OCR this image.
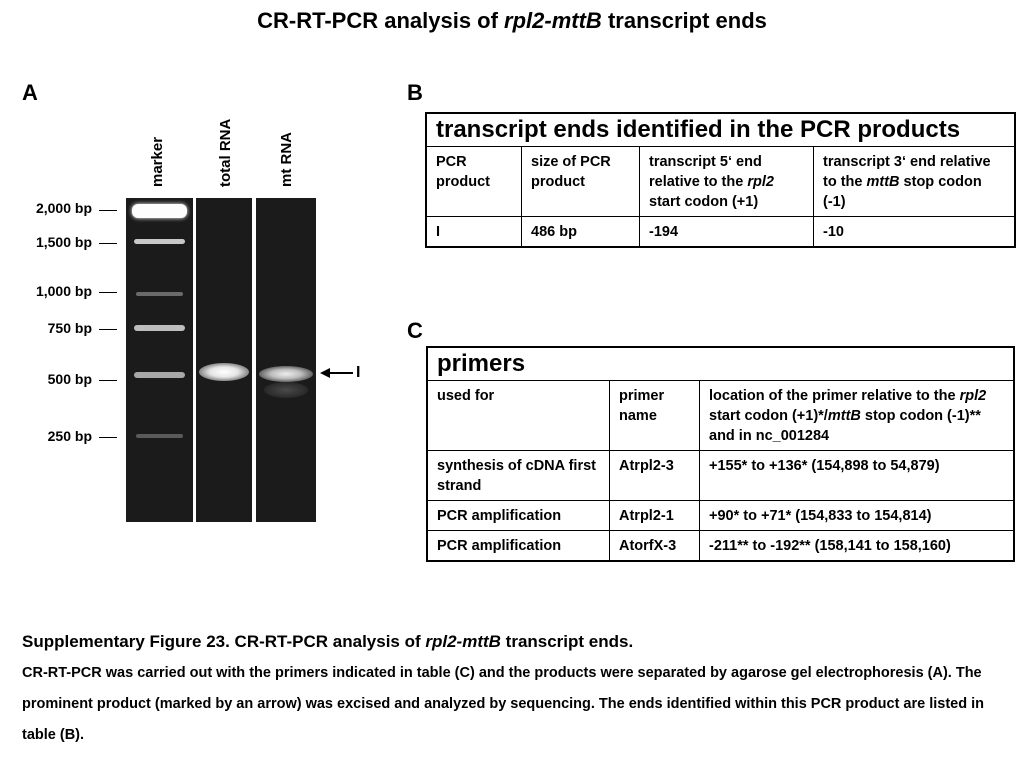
CR-RT-PCR analysis of rpl2-mttB transcript ends
A	B
C
marker	total RNA	mt RNA
2,000 bp
1,500 bp
1,000 bp
750 bp
500 bp
250 bp
I
transcript ends identified in the PCR products			
PCR product	size of PCR product	transcript 5‘ end relative to the rpl2 start codon (+1)	transcript 3‘ end relative to the mttB stop codon (-1)
I	486 bp	-194	-10
primers		
used for	primer name	location of the primer relative to the rpl2 start codon (+1)*/mttB stop codon (-1)** and in nc_001284
synthesis of cDNA first strand	Atrpl2-3	+155* to +136* (154,898 to 54,879)
PCR amplification	Atrpl2-1	+90* to +71* (154,833 to 154,814)
PCR amplification	AtorfX-3	-211** to -192** (158,141 to 158,160)
Supplementary Figure 23. CR-RT-PCR analysis of rpl2-mttB transcript ends.
CR-RT-PCR was carried out with the primers indicated in table (C) and the products were separated by agarose gel electrophoresis (A). The prominent product (marked by an arrow) was excised and analyzed by sequencing. The ends identified within this PCR product are listed in table (B).
